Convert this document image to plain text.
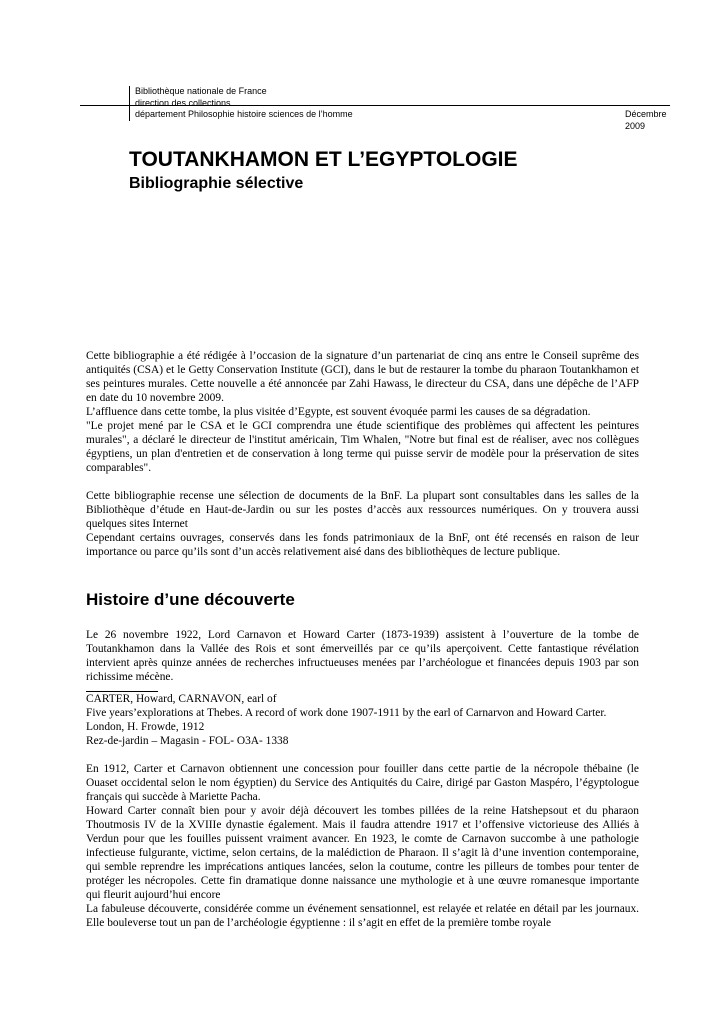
Bibliothèque nationale de France
direction des collections
département Philosophie histoire sciences de l’homme	Décembre
2009
TOUTANKHAMON ET L’EGYPTOLOGIE
Bibliographie sélective

Cette bibliographie a été rédigée à l’occasion de la signature d’un partenariat de cinq ans entre le Conseil suprême des antiquités (CSA) et le Getty Conservation Institute (GCI), dans le but de restaurer la tombe du pharaon Toutankhamon et ses peintures murales. Cette nouvelle a été annoncée par Zahi Hawass, le directeur du CSA, dans une dépêche de l’AFP en date du 10 novembre 2009.

L’affluence dans cette tombe, la plus visitée d’Egypte, est souvent évoquée parmi les causes de sa dégradation.

"Le projet mené par le CSA et le GCI comprendra une étude scientifique des problèmes qui affectent les peintures murales", a déclaré le directeur de l'institut américain, Tim Whalen, "Notre but final est de réaliser, avec nos collègues égyptiens, un plan d'entretien et de conservation à long terme qui puisse servir de modèle pour la préservation de sites comparables".

Cette bibliographie recense une sélection de documents de la BnF. La plupart sont consultables dans les salles de la Bibliothèque d’étude en Haut-de-Jardin ou sur les postes d’accès aux ressources numériques. On y trouvera aussi quelques sites Internet

Cependant certains ouvrages, conservés dans les fonds patrimoniaux de la BnF, ont été recensés en raison de leur importance ou parce qu’ils sont d’un accès relativement aisé dans des bibliothèques de lecture publique.

Histoire d’une découverte

Le 26 novembre 1922, Lord Carnavon et Howard Carter (1873-1939) assistent à l’ouverture de la tombe de Toutankhamon dans la Vallée des Rois et sont émerveillés par ce qu’ils aperçoivent. Cette fantastique révélation intervient après quinze années de recherches infructueuses menées par l’archéologue et financées depuis 1903 par son richissime mécène.

CARTER, Howard, CARNAVON, earl of

Five years’explorations at Thebes. A record of work done 1907-1911 by the earl of Carnarvon and Howard Carter. London, H. Frowde, 1912

Rez-de-jardin – Magasin - FOL- O3A- 1338

En 1912, Carter et Carnavon obtiennent une concession pour fouiller dans cette partie de la nécropole thébaine (le Ouaset occidental selon le nom égyptien) du Service des Antiquités du Caire, dirigé par Gaston Maspéro, l’égyptologue français qui succède à Mariette Pacha.

Howard Carter connaît bien pour y avoir déjà découvert les tombes pillées de la reine Hatshepsout et du pharaon Thoutmosis IV de la XVIIIe dynastie également. Mais il faudra attendre 1917 et l’offensive victorieuse des Alliés à Verdun pour que les fouilles puissent vraiment avancer. En 1923, le comte de Carnavon succombe à une pathologie infectieuse fulgurante, victime, selon certains, de la malédiction de Pharaon. Il s’agit là d’une invention contemporaine, qui semble reprendre les imprécations antiques lancées, selon la coutume, contre les pilleurs de tombes pour tenter de protéger les nécropoles. Cette fin dramatique donne naissance une mythologie et à une œuvre romanesque importante qui fleurit aujourd’hui encore

La fabuleuse découverte, considérée comme un événement sensationnel, est relayée et relatée en détail par les journaux. Elle bouleverse tout un pan de l’archéologie égyptienne : il s’agit en effet de la première tombe royale
